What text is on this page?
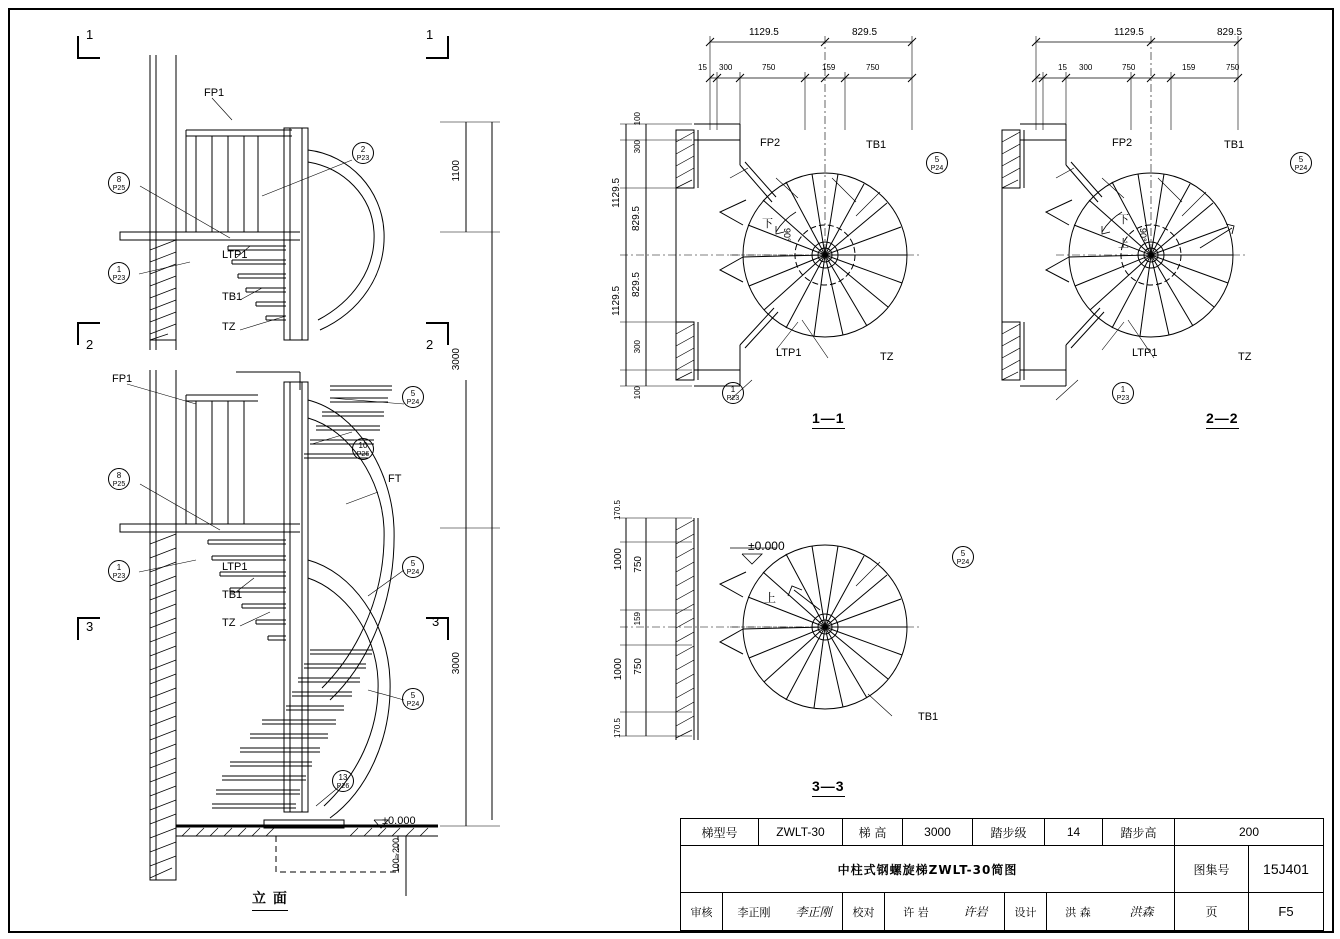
1	1
2	2
3	3
FP1
LTP1
TB1
TZ
FP1
LTP1
TB1
TZ
FT
±0.000
1100
3000
3000
100~200
8
P25
2
P23
1
P23
5
P24
10
P26
8
P25
1
P23
5
P24
5
P24
13
P26
立 面
1129.5	829.5
15 300	750	159	750
1129.5
829.5
829.5
1129.5
100
100
300
300
FP2	TB1
LTP1	TZ
下
90°
5
P24
1
P23
1—1
1129.5	829.5
15 300	750	159	750
FP2	TB1
LTP1	TZ
下
上
90°
5
P24
1
P23
2—2
170.5
1000 750
159
750
1000
170.5
±0.000
上
TB1
5
P24
3—3
梯型号	ZWLT-30	梯 高	3000	踏步级	14	踏步高	200
中柱式钢螺旋梯ZWLT-30简图	图集号	15J401
审核	李正刚	李正刚	校对	许 岩	许岩	设计	洪 森	洪森	页	F5
